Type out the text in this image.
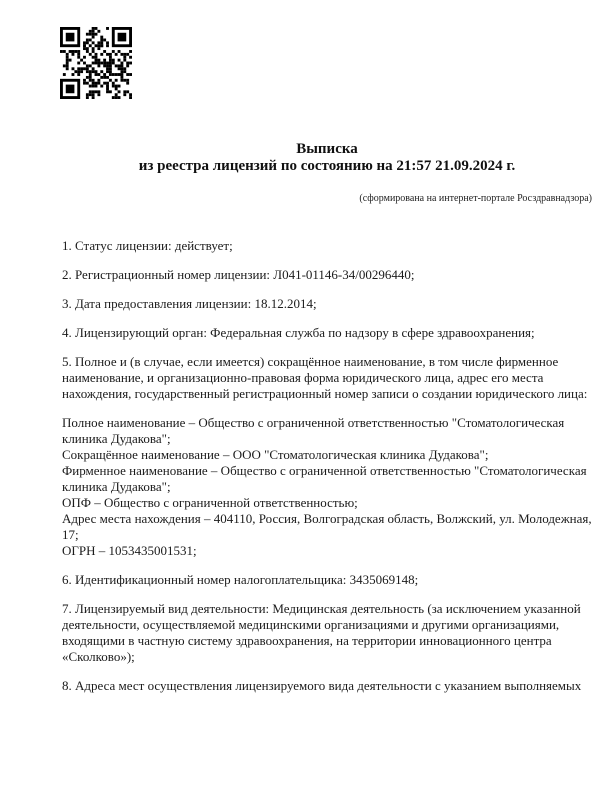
Выписка
из реестра лицензий по состоянию на 21:57 21.09.2024 г.
(сформирована на интернет-портале Росздравнадзора)

1. Статус лицензии: действует;

2. Регистрационный номер лицензии: Л041-01146-34/00296440;

3. Дата предоставления лицензии: 18.12.2014;

4. Лицензирующий орган: Федеральная служба по надзору в сфере здравоохранения;

5. Полное и (в случае, если имеется) сокращённое наименование, в том числе фирменное наименование, и организационно-правовая форма юридического лица, адрес его места нахождения, государственный регистрационный номер записи о создании юридического лица:

Полное наименование – Общество с ограниченной ответственностью "Стоматологическая клиника Дудакова";
Сокращённое наименование – ООО "Стоматологическая клиника Дудакова";
Фирменное наименование – Общество с ограниченной ответственностью "Стоматологическая клиника Дудакова";
ОПФ – Общество с ограниченной ответственностью;
Адрес места нахождения – 404110, Россия, Волгоградская область, Волжский, ул. Молодежная, 17;
ОГРН – 1053435001531;

6. Идентификационный номер налогоплательщика: 3435069148;

7. Лицензируемый вид деятельности: Медицинская деятельность (за исключением указанной деятельности, осуществляемой медицинскими организациями и другими организациями, входящими в частную систему здравоохранения, на территории инновационного центра «Сколково»);

8. Адреса мест осуществления лицензируемого вида деятельности с указанием выполняемых
